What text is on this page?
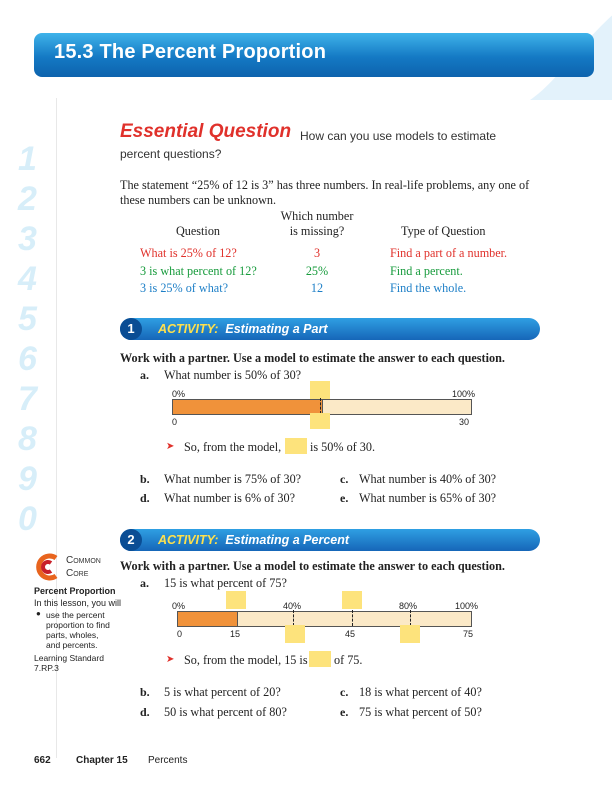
15.3 The Percent Proportion
1
2
3
4
5
6
7
8
9
0
Essential Question How can you use models to estimate
percent questions?
The statement “25% of 12 is 3” has three numbers. In real-life problems, any one of
these numbers can be unknown.
Question
Which number
is missing?	Type of Question
What is 25% of 12?	3	Find a part of a number.
3 is what percent of 12?	25%	Find a percent.
3 is 25% of what?	12	Find the whole.
1	ACTIVITY: Estimating a Part
Work with a partner. Use a model to estimate the answer to each question.
a. What number is 50% of 30?
0%	100%
0	30
➤ So, from the model, is 50% of 30.
b. What number is 75% of 30?	c. What number is 40% of 30?
d. What number is 6% of 30?	e. What number is 65% of 30?
2	ACTIVITY: Estimating a Percent
Work with a partner. Use a model to estimate the answer to each question.
a. 15 is what percent of 75?
0%	40%	80%	100%
0	15	45	75
➤ So, from the model, 15 is of 75.
b. 5 is what percent of 20?	c. 18 is what percent of 40?
d. 50 is what percent of 80?	e. 75 is what percent of 50?
Common
Core
Percent Proportion
In this lesson, you will
● use the percent
proportion to find
parts, wholes,
and percents.
Learning Standard
7.RP.3
662	Chapter 15 Percents
